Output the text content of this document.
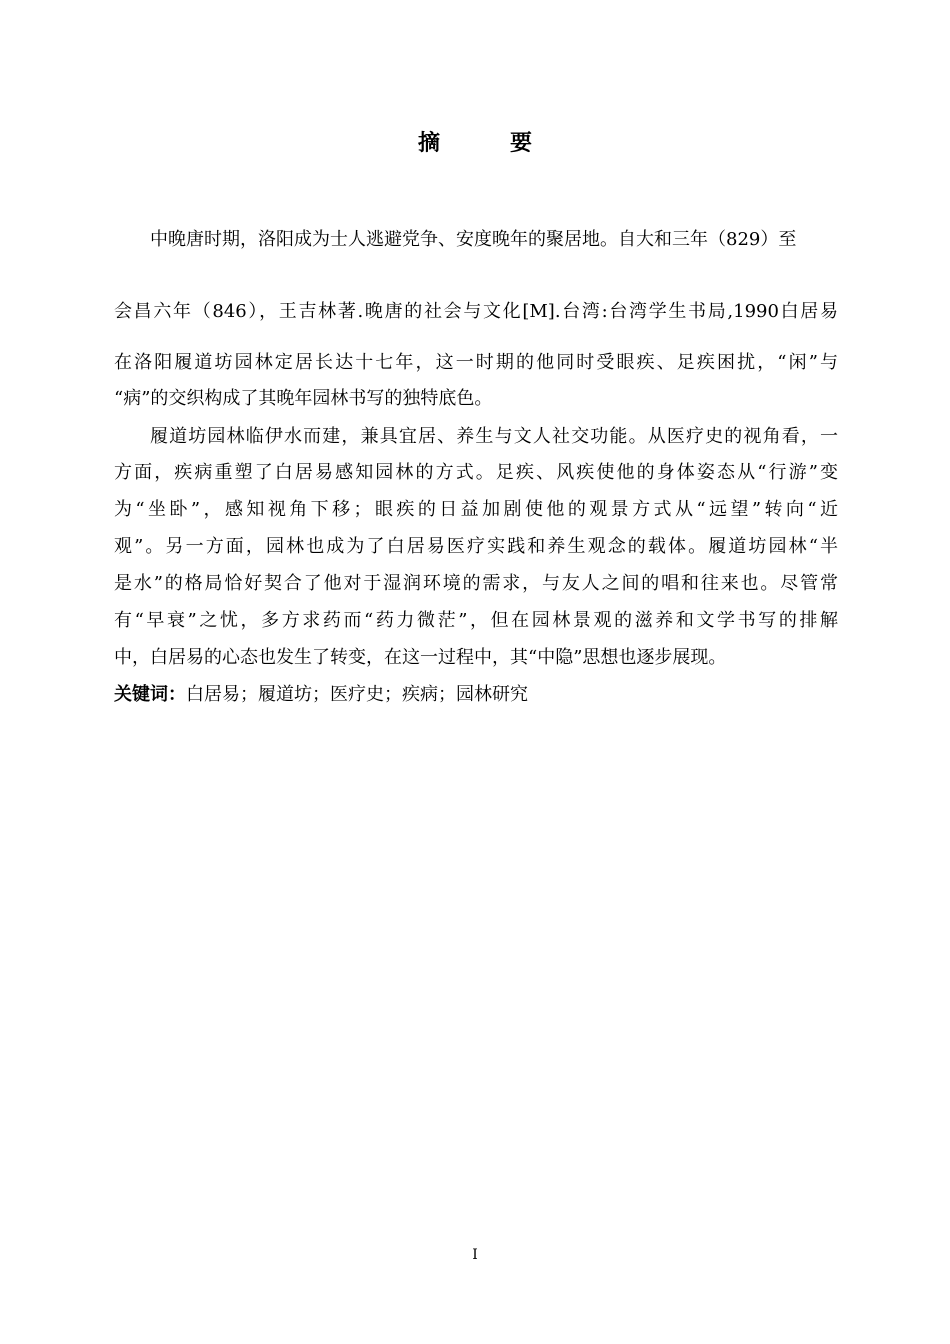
摘　要
中晚唐时期，洛阳成为士人逃避党争、安度晚年的聚居地。自大和三年（829）至
会昌六年（846），王吉林著.晚唐的社会与文化[M].台湾:台湾学生书局,1990白居易
在洛阳履道坊园林定居长达十七年，这一时期的他同时受眼疾、足疾困扰，“闲”与
“病”的交织构成了其晚年园林书写的独特底色。
履道坊园林临伊水而建，兼具宜居、养生与文人社交功能。从医疗史的视角看，一
方面，疾病重塑了白居易感知园林的方式。足疾、风疾使他的身体姿态从“行游”变
为“坐卧”，感知视角下移；眼疾的日益加剧使他的观景方式从“远望”转向“近
观”。另一方面，园林也成为了白居易医疗实践和养生观念的载体。履道坊园林“半
是水”的格局恰好契合了他对于湿润环境的需求，与友人之间的唱和往来也。尽管常
有“早衰”之忧，多方求药而“药力微茫”，但在园林景观的滋养和文学书写的排解
中，白居易的心态也发生了转变，在这一过程中，其“中隐”思想也逐步展现。
关键词：白居易；履道坊；医疗史；疾病；园林研究
I
